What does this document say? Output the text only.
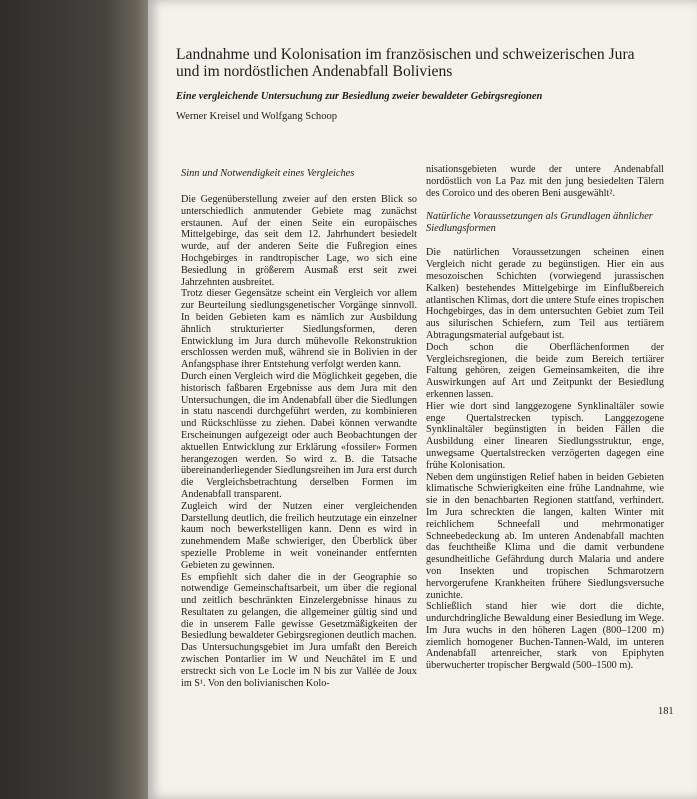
Landnahme und Kolonisation im französischen und schweizerischen Jura und im nordöstlichen Andenabfall Boliviens
Eine vergleichende Untersuchung zur Besiedlung zweier bewaldeter Gebirgsregionen
Werner Kreisel und Wolfgang Schoop
Sinn und Notwendigkeit eines Vergleiches

Die Gegenüberstellung zweier auf den ersten Blick so unterschiedlich anmutender Gebiete mag zunächst erstaunen. Auf der einen Seite ein europäisches Mittelgebirge, das seit dem 12. Jahrhundert besiedelt wurde, auf der anderen Seite die Fußregion eines Hochgebirges in randtropischer Lage, wo sich eine Besiedlung in größerem Ausmaß erst seit zwei Jahrzehnten ausbreitet.

Trotz dieser Gegensätze scheint ein Vergleich vor allem zur Beurteilung siedlungsgenetischer Vorgänge sinnvoll. In beiden Gebieten kam es nämlich zur Ausbildung ähnlich strukturierter Siedlungsformen, deren Entwicklung im Jura durch mühevolle Rekonstruktion erschlossen werden muß, während sie in Bolivien in der Anfangsphase ihrer Entstehung verfolgt werden kann.

Durch einen Vergleich wird die Möglichkeit gegeben, die historisch faßbaren Ergebnisse aus dem Jura mit den Untersuchungen, die im Andenabfall über die Siedlungen in statu nascendi durchgeführt werden, zu kombinieren und Rückschlüsse zu ziehen. Dabei können verwandte Erscheinungen aufgezeigt oder auch Beobachtungen der aktuellen Entwicklung zur Erklärung «fossiler» Formen herangezogen werden. So wird z. B. die Tatsache übereinanderliegender Siedlungsreihen im Jura erst durch die Vergleichsbetrachtung derselben Formen im Andenabfall transparent.

Zugleich wird der Nutzen einer vergleichenden Darstellung deutlich, die freilich heutzutage ein einzelner kaum noch bewerkstelligen kann. Denn es wird in zunehmendem Maße schwieriger, den Überblick über spezielle Probleme in weit voneinander entfernten Gebieten zu gewinnen.

Es empfiehlt sich daher die in der Geographie so notwendige Gemeinschaftsarbeit, um über die regional und zeitlich beschränkten Einzelergebnisse hinaus zu Resultaten zu gelangen, die allgemeiner gültig sind und die in unserem Falle gewisse Gesetzmäßigkeiten der Besiedlung bewaldeter Gebirgsregionen deutlich machen.

Das Untersuchungsgebiet im Jura umfaßt den Bereich zwischen Pontarlier im W und Neuchâtel im E und erstreckt sich von Le Locle im N bis zur Vallée de Joux im S¹. Von den bolivianischen Kolo-

nisationsgebieten wurde der untere Andenabfall nordöstlich von La Paz mit den jung besiedelten Tälern des Coroico und des oberen Beni ausgewählt².

Natürliche Voraussetzungen als Grundlagen ähnlicher Siedlungsformen

Die natürlichen Voraussetzungen scheinen einen Vergleich nicht gerade zu begünstigen. Hier ein aus mesozoischen Schichten (vorwiegend jurassischen Kalken) bestehendes Mittelgebirge im Einflußbereich atlantischen Klimas, dort die untere Stufe eines tropischen Hochgebirges, das in dem untersuchten Gebiet zum Teil aus silurischen Schiefern, zum Teil aus tertiärem Abtragungsmaterial aufgebaut ist.

Doch schon die Oberflächenformen der Vergleichsregionen, die beide zum Bereich tertiärer Faltung gehören, zeigen Gemeinsamkeiten, die ihre Auswirkungen auf Art und Zeitpunkt der Besiedlung erkennen lassen.

Hier wie dort sind langgezogene Synklinaltäler sowie enge Quertalstrecken typisch. Langgezogene Synklinaltäler begünstigten in beiden Fällen die Ausbildung einer linearen Siedlungsstruktur, enge, unwegsame Quertalstrecken verzögerten dagegen eine frühe Kolonisation.

Neben dem ungünstigen Relief haben in beiden Gebieten klimatische Schwierigkeiten eine frühe Landnahme, wie sie in den benachbarten Regionen stattfand, verhindert. Im Jura schreckten die langen, kalten Winter mit reichlichem Schneefall und mehrmonatiger Schneebedeckung ab. Im unteren Andenabfall machten das feuchtheiße Klima und die damit verbundene gesundheitliche Gefährdung durch Malaria und andere von Insekten und tropischen Schmarotzern hervorgerufene Krankheiten frühere Siedlungsversuche zunichte.

Schließlich stand hier wie dort die dichte, undurchdringliche Bewaldung einer Besiedlung im Wege. Im Jura wuchs in den höheren Lagen (800–1200 m) ziemlich homogener Buchen-Tannen-Wald, im unteren Andenabfall artenreicher, stark von Epiphyten überwucherter tropischer Bergwald (500–1500 m).

181
